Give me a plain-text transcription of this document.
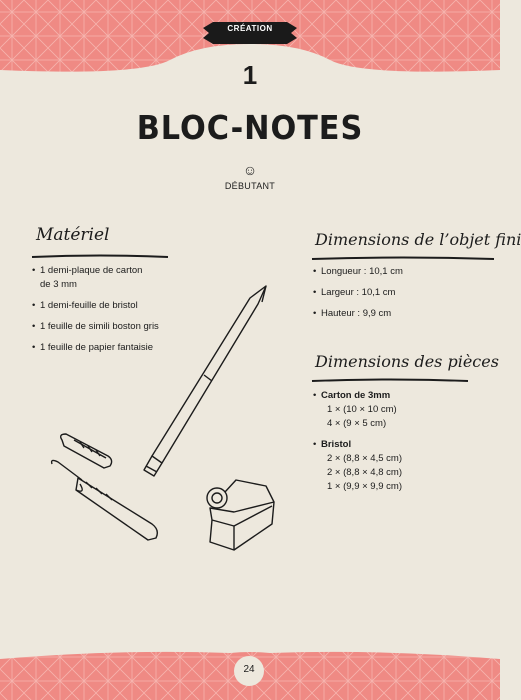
CRÉATION
1
BLOC-NOTES
☺
DÉBUTANT
Matériel
• 1 demi-plaque de carton
de 3 mm
• 1 demi-feuille de bristol
• 1 feuille de simili boston gris
• 1 feuille de papier fantaisie
Dimensions de l’objet fini
• Longueur : 10,1 cm
• Largeur : 10,1 cm
• Hauteur : 9,9 cm
Dimensions des pièces
• Carton de 3mm
1 × (10 × 10 cm)
4 × (9 × 5 cm)
• Bristol
2 × (8,8 × 4,5 cm)
2 × (8,8 × 4,8 cm)
1 × (9,9 × 9,9 cm)
24
